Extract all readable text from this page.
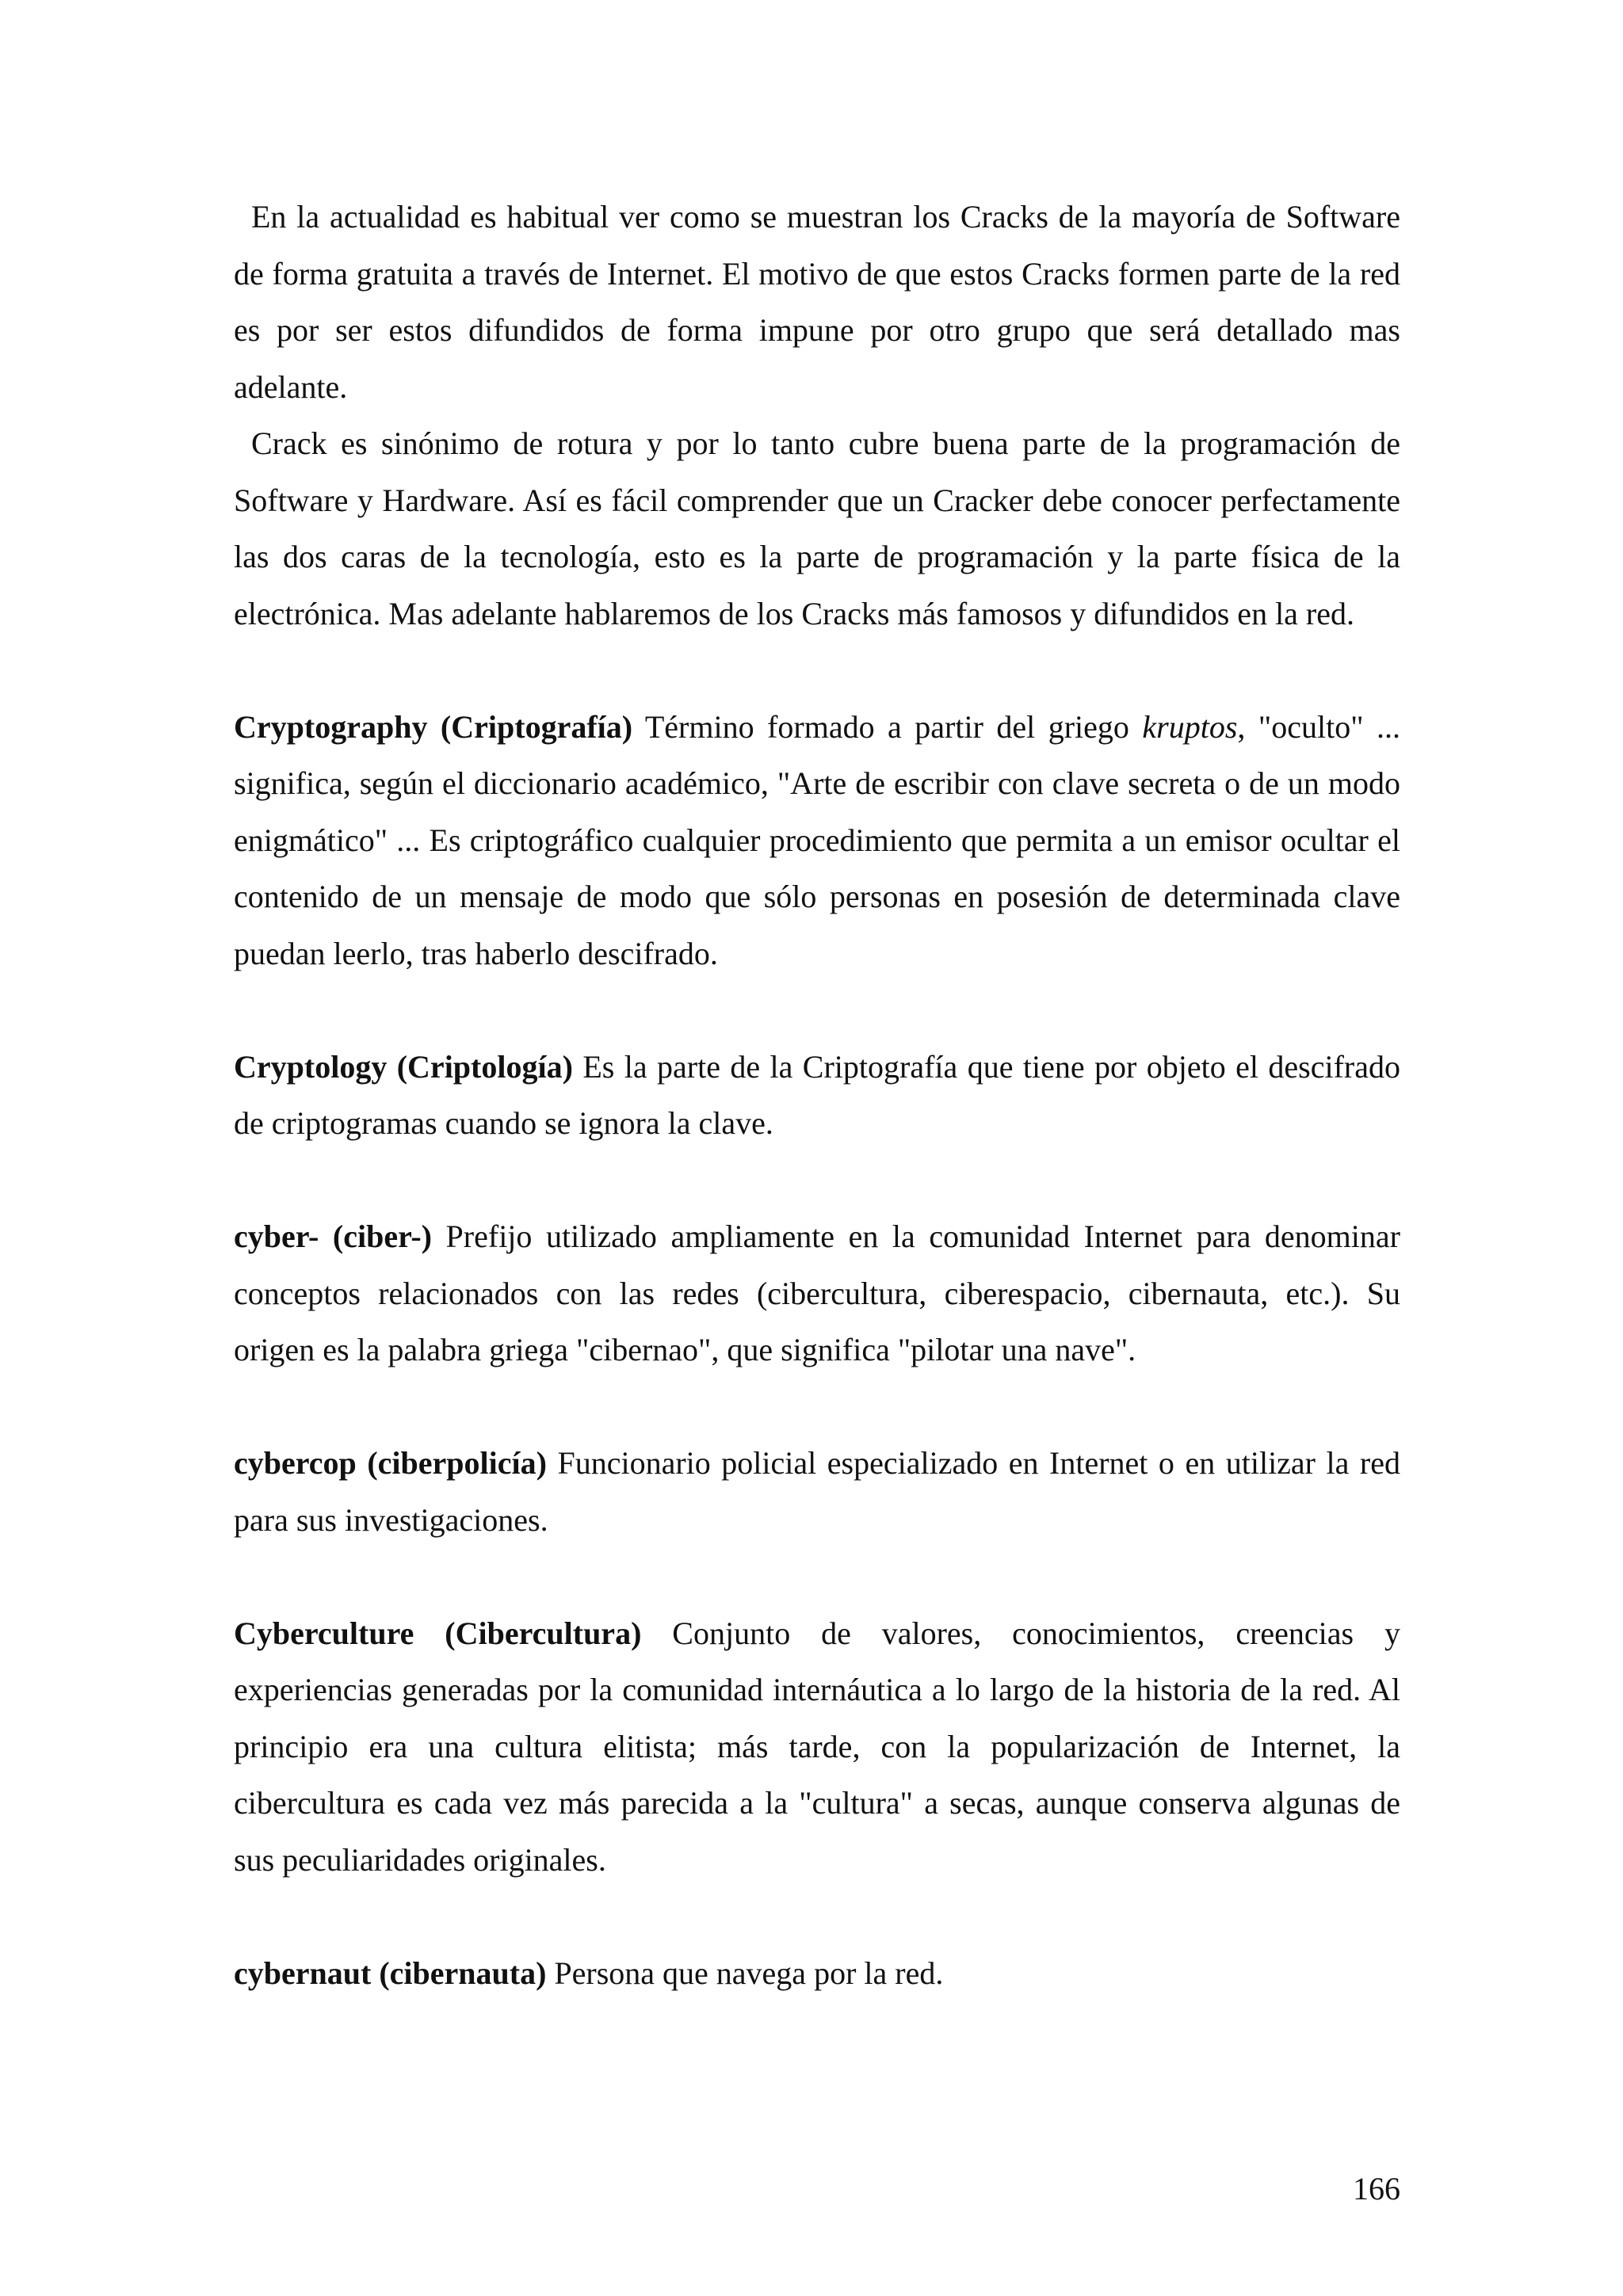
En la actualidad es habitual ver como se muestran los Cracks de la mayoría de Software de forma gratuita a través de Internet. El motivo de que estos Cracks formen parte de la red es por ser estos difundidos de forma impune por otro grupo que será detallado mas adelante.

Crack es sinónimo de rotura y por lo tanto cubre buena parte de la programación de Software y Hardware. Así es fácil comprender que un Cracker debe conocer perfectamente las dos caras de la tecnología, esto es la parte de programación y la parte física de la electrónica. Mas adelante hablaremos de los Cracks más famosos y difundidos en la red.

Cryptography (Criptografía) Término formado a partir del griego kruptos, "oculto" ... significa, según el diccionario académico, "Arte de escribir con clave secreta o de un modo enigmático" ... Es criptográfico cualquier procedimiento que permita a un emisor ocultar el contenido de un mensaje de modo que sólo personas en posesión de determinada clave puedan leerlo, tras haberlo descifrado.

Cryptology (Criptología) Es la parte de la Criptografía que tiene por objeto el descifrado de criptogramas cuando se ignora la clave.

cyber- (ciber-) Prefijo utilizado ampliamente en la comunidad Internet para denominar conceptos relacionados con las redes (cibercultura, ciberespacio, cibernauta, etc.). Su origen es la palabra griega "cibernao", que significa "pilotar una nave".

cybercop (ciberpolicía) Funcionario policial especializado en Internet o en utilizar la red para sus investigaciones.

Cyberculture (Cibercultura) Conjunto de valores, conocimientos, creencias y experiencias generadas por la comunidad internáutica a lo largo de la historia de la red. Al principio era una cultura elitista; más tarde, con la popularización de Internet, la cibercultura es cada vez más parecida a la "cultura" a secas, aunque conserva algunas de sus peculiaridades originales.

cybernaut (cibernauta) Persona que navega por la red.

166
